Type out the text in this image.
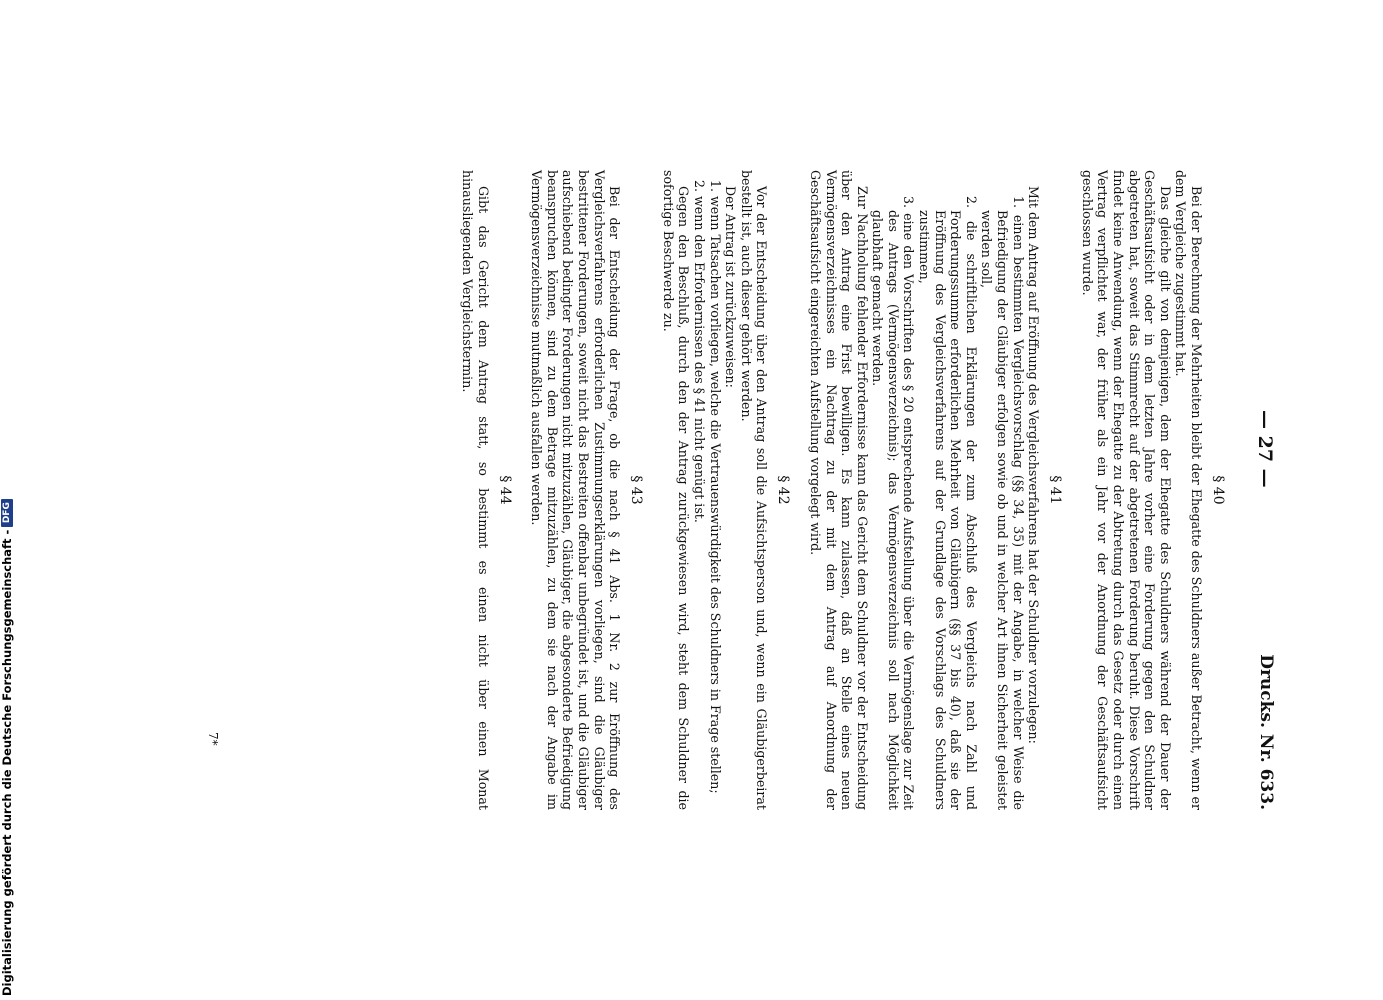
— 27 —
Drucks. Nr. 633.
§ 40

Bei der Berechnung der Mehrheiten bleibt der Ehegatte des Schuldners außer Betracht, wenn er dem Vergleiche zugestimmt hat.

Das gleiche gilt von demjenigen, dem der Ehegatte des Schuldners während der Dauer der Geschäftsaufsicht oder in dem letzten Jahre vorher eine Forderung gegen den Schuldner abgetreten hat, soweit das Stimmrecht auf der abgetretenen Forderung beruht. Diese Vorschrift findet keine Anwendung, wenn der Ehegatte zu der Abtretung durch das Gesetz oder durch einen Vertrag verpflichtet war, der früher als ein Jahr vor der Anordnung der Geschäftsaufsicht geschlossen wurde.

§ 41

Mit dem Antrag auf Eröffnung des Vergleichsverfahrens hat der Schuldner vorzulegen:

1. einen bestimmten Vergleichsvorschlag (§§ 34, 35) mit der Angabe, in welcher Weise die Befriedigung der Gläubiger erfolgen sowie ob und in welcher Art ihnen Sicherheit geleistet werden soll,

2. die schriftlichen Erklärungen der zum Abschluß des Vergleichs nach Zahl und Forderungssumme erforderlichen Mehrheit von Gläubigern (§§ 37 bis 40), daß sie der Eröffnung des Vergleichsverfahrens auf der Grundlage des Vorschlags des Schuldners zustimmen,

3. eine den Vorschriften des § 20 entsprechende Aufstellung über die Vermögenslage zur Zeit des Antrags (Vermögensverzeichnis); das Vermögensverzeichnis soll nach Möglichkeit glaubhaft gemacht werden.

Zur Nachholung fehlender Erfordernisse kann das Gericht dem Schuldner vor der Entscheidung über den Antrag eine Frist bewilligen. Es kann zulassen, daß an Stelle eines neuen Vermögensverzeichnisses ein Nachtrag zu der mit dem Antrag auf Anordnung der Geschäftsaufsicht eingereichten Aufstellung vorgelegt wird.

§ 42

Vor der Entscheidung über den Antrag soll die Aufsichtsperson und, wenn ein Gläubigerbeirat bestellt ist, auch dieser gehört werden.

Der Antrag ist zurückzuweisen:

1. wenn Tatsachen vorliegen, welche die Vertrauenswürdigkeit des Schuldners in Frage stellen;

2. wenn den Erfordernissen des § 41 nicht genügt ist.

Gegen den Beschluß, durch den der Antrag zurückgewiesen wird, steht dem Schuldner die sofortige Beschwerde zu.

§ 43

Bei der Entscheidung der Frage, ob die nach § 41 Abs. 1 Nr. 2 zur Eröffnung des Vergleichsverfahrens erforderlichen Zustimmungserklärungen vorliegen, sind die Gläubiger bestrittener Forderungen, soweit nicht das Bestreiten offenbar unbegründet ist, und die Gläubiger aufschiebend bedingter Forderungen nicht mitzuzählen, Gläubiger, die abgesonderte Befriedigung beanspruchen können, sind zu dem Betrage mitzuzählen, zu dem sie nach der Angabe im Vermögensverzeichnisse mutmaßlich ausfallen werden.

§ 44

Gibt das Gericht dem Antrag statt, so bestimmt es einen nicht über einen Monat hinausliegenden Vergleichstermin.

7*
Digitalisierung gefördert durch die Deutsche Forschungsgemeinschaft -
DFG
